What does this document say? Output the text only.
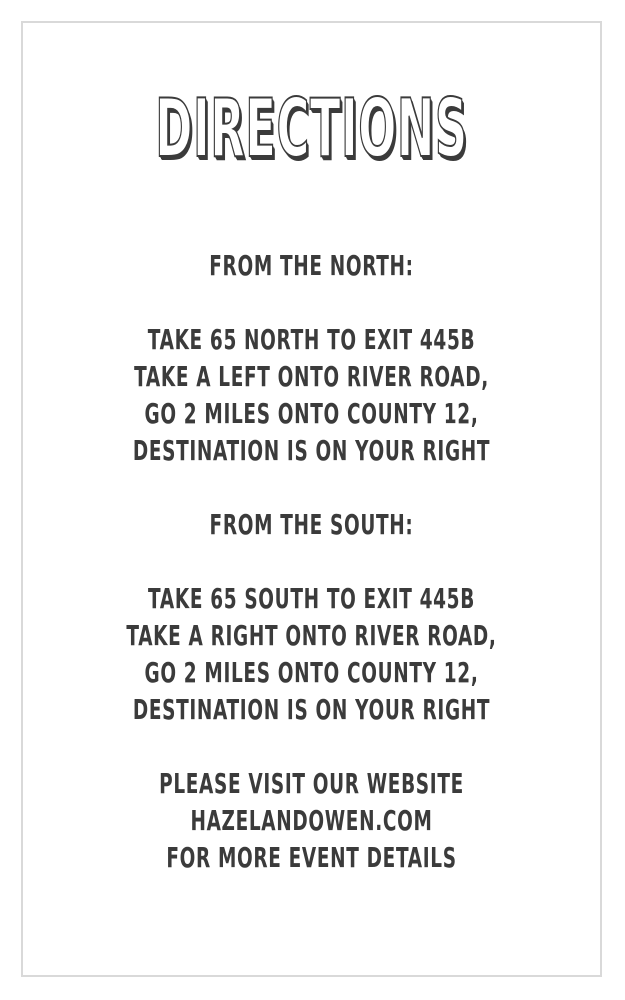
DIRECTIONS
FROM THE NORTH:
TAKE 65 NORTH TO EXIT 445B
TAKE A LEFT ONTO RIVER ROAD,
GO 2 MILES ONTO COUNTY 12,
DESTINATION IS ON YOUR RIGHT
FROM THE SOUTH:
TAKE 65 SOUTH TO EXIT 445B
TAKE A RIGHT ONTO RIVER ROAD,
GO 2 MILES ONTO COUNTY 12,
DESTINATION IS ON YOUR RIGHT
PLEASE VISIT OUR WEBSITE
HAZELANDOWEN.COM
FOR MORE EVENT DETAILS
